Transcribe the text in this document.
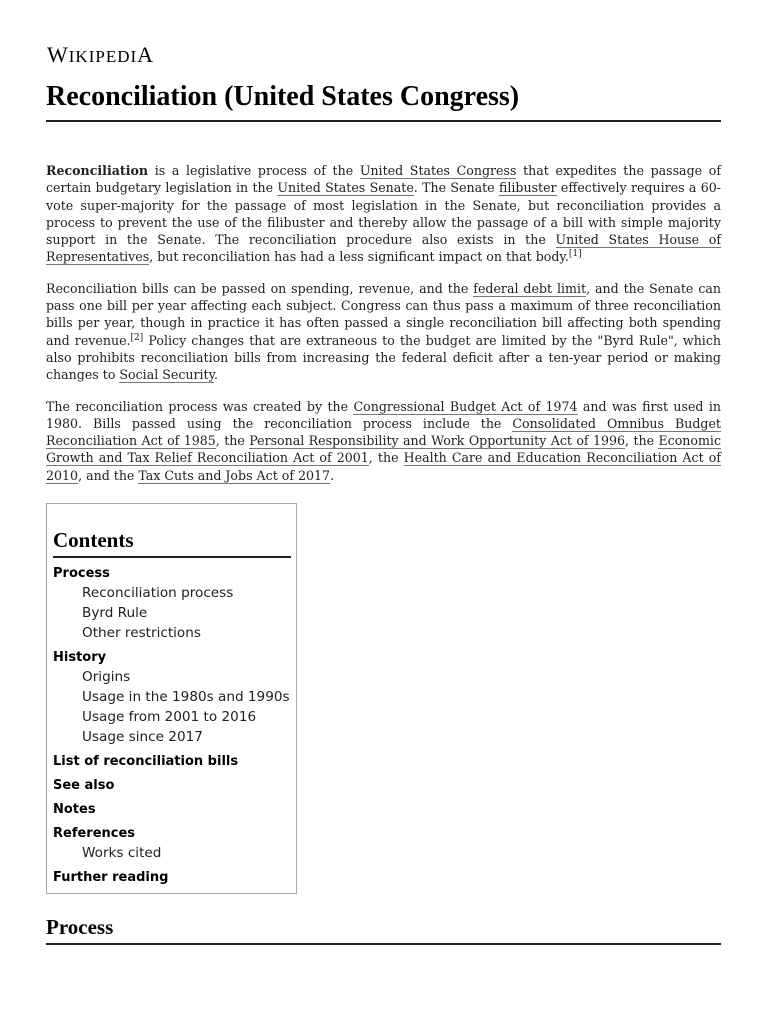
WIKIPEDIA
Reconciliation (United States Congress)

Reconciliation is a legislative process of the United States Congress that expedites the passage of certain budgetary legislation in the United States Senate. The Senate filibuster effectively requires a 60-vote super-majority for the passage of most legislation in the Senate, but reconciliation provides a process to prevent the use of the filibuster and thereby allow the passage of a bill with simple majority support in the Senate. The reconciliation procedure also exists in the United States House of Representatives, but reconciliation has had a less significant impact on that body.[1]

Reconciliation bills can be passed on spending, revenue, and the federal debt limit, and the Senate can pass one bill per year affecting each subject. Congress can thus pass a maximum of three reconciliation bills per year, though in practice it has often passed a single reconciliation bill affecting both spending and revenue.[2] Policy changes that are extraneous to the budget are limited by the "Byrd Rule", which also prohibits reconciliation bills from increasing the federal deficit after a ten-year period or making changes to Social Security.

The reconciliation process was created by the Congressional Budget Act of 1974 and was first used in 1980. Bills passed using the reconciliation process include the Consolidated Omnibus Budget Reconciliation Act of 1985, the Personal Responsibility and Work Opportunity Act of 1996, the Economic Growth and Tax Relief Reconciliation Act of 2001, the Health Care and Education Reconciliation Act of 2010, and the Tax Cuts and Jobs Act of 2017.

Contents
Process
Reconciliation process
Byrd Rule
Other restrictions
History
Origins
Usage in the 1980s and 1990s
Usage from 2001 to 2016
Usage since 2017
List of reconciliation bills
See also
Notes
References
Works cited
Further reading
Process
